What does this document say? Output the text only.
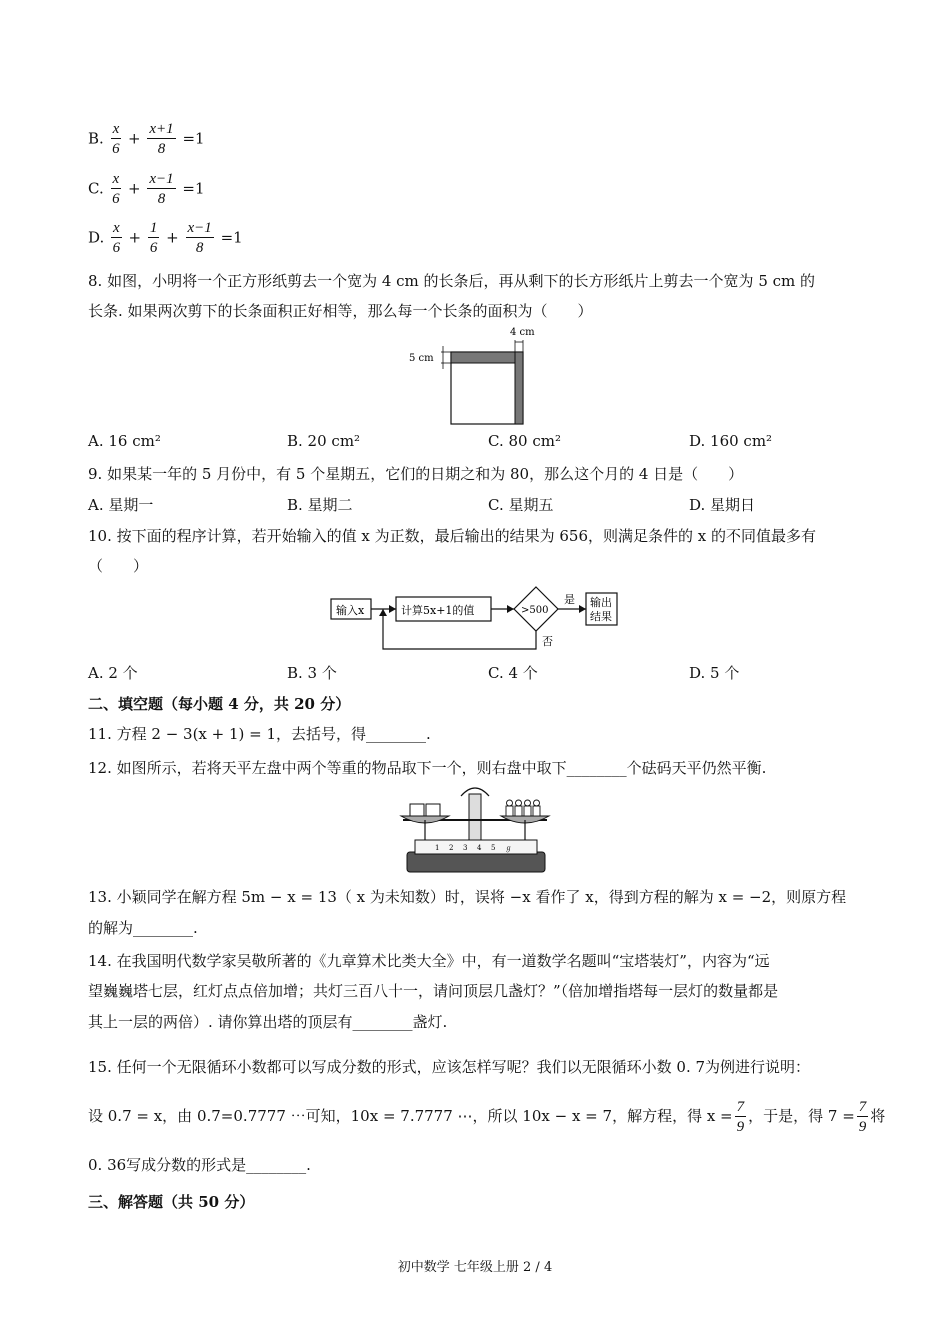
B. $\frac{x}{6} + \frac{x+1}{8} =1$
C. $\frac{x}{6} + \frac{x-1}{8} =1$
D. $\frac{x}{6} + \frac{1}{6} + \frac{x-1}{8} =1$
8. 如图，小明将一个正方形纸剪去一个宽为 4 cm 的长条后，再从剩下的长方形纸片上剪去一个宽为 5 cm 的
长条. 如果两次剪下的长条面积正好相等，那么每一个长条的面积为（　　）
4 cm
5 cm
A. 16 cm²	B. 20 cm²	C. 80 cm²	D. 160 cm²
9. 如果某一年的 5 月份中，有 5 个星期五，它们的日期之和为 80，那么这个月的 4 日是（　　）
A. 星期一	B. 星期二	C. 星期五	D. 星期日
10. 按下面的程序计算，若开始输入的值 x 为正数，最后输出的结果为 656，则满足条件的 x 的不同值最多有
（　　）
输入x	计算5x+1的值	>500
是 输出
结果
否
A. 2 个	B. 3 个	C. 4 个	D. 5 个
二、填空题（每小题 4 分，共 20 分）
11. 方程 2 − 3(x + 1) = 1，去括号，得________.
12. 如图所示，若将天平左盘中两个等重的物品取下一个，则右盘中取下________个砝码天平仍然平衡.
1 2 3 4 5 ℊ
13. 小颖同学在解方程 5m − x = 13（ x 为未知数）时，误将 −x 看作了 x，得到方程的解为 x = −2，则原方程
的解为________.
14. 在我国明代数学家吴敬所著的《九章算术比类大全》中，有一道数学名题叫“宝塔装灯”，内容为“远
望巍巍塔七层，红灯点点倍加增；共灯三百八十一，请问顶层几盏灯？”（倍加增指塔每一层灯的数量都是
其上一层的两倍）. 请你算出塔的顶层有________盏灯.
15. 任何一个无限循环小数都可以写成分数的形式，应该怎样写呢？我们以无限循环小数 0. 7为例进行说明：
设 0.7 = x，由 0.7=0.7777 ⋯可知，10x = 7.7777 ⋯，所以 10x − x = 7，解方程，得 $x = \frac{7}{9}$ ，于是，得 $7 = \frac{7}{9}$ 将
0. 36写成分数的形式是________.
三、解答题（共 50 分）
初中数学 七年级上册 2 / 4
